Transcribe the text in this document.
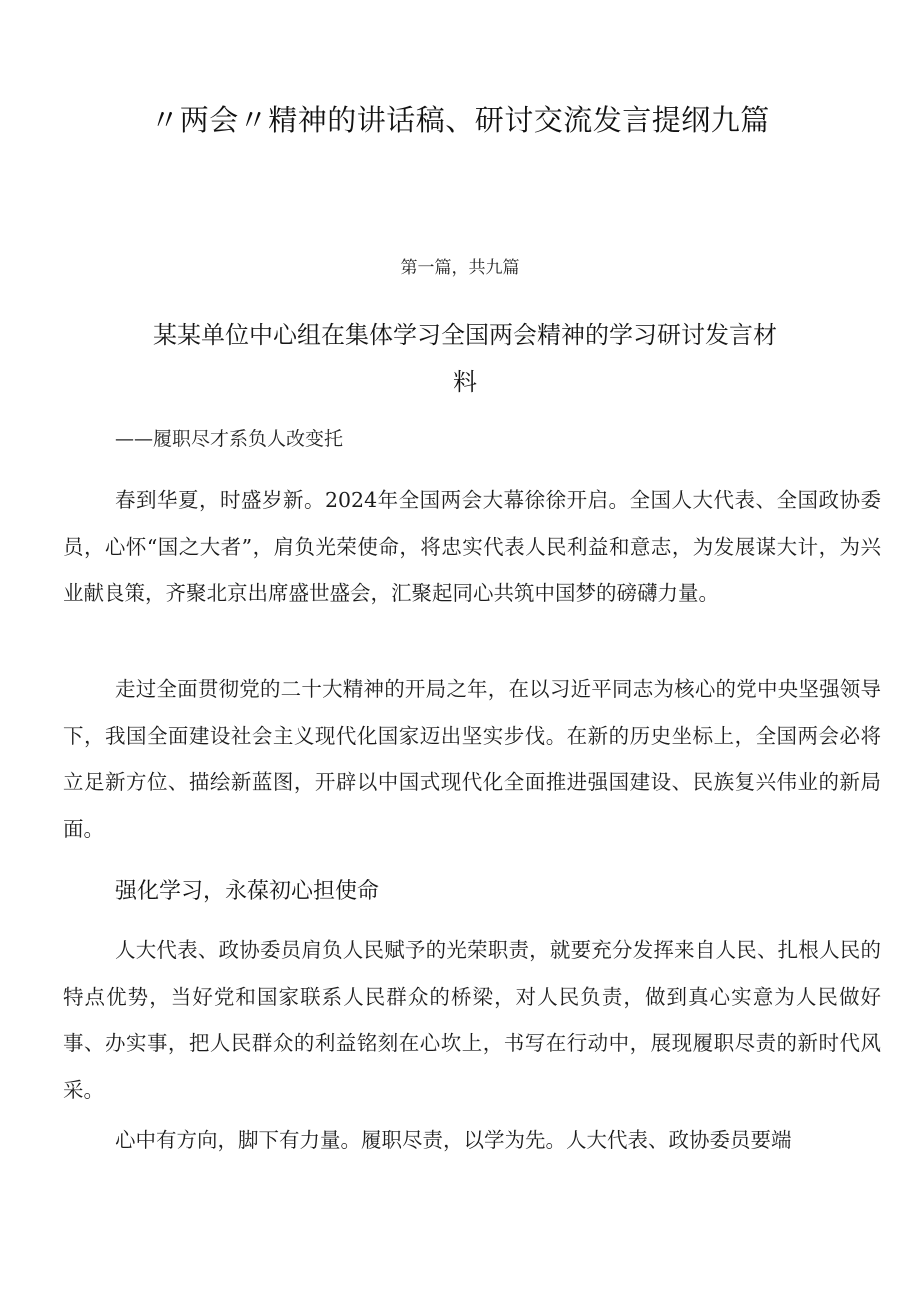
〃两会〃精神的讲话稿、研讨交流发言提纲九篇
第一篇，共九篇
某某单位中心组在集体学习全国两会精神的学习研讨发言材料
——履职尽才系负人改变托

春到华夏，时盛岁新。2024年全国两会大幕徐徐开启。全国人大代表、全国政协委员，心怀“国之大者”，肩负光荣使命，将忠实代表人民利益和意志，为发展谋大计，为兴业献良策，齐聚北京出席盛世盛会，汇聚起同心共筑中国梦的磅礴力量。

走过全面贯彻党的二十大精神的开局之年，在以习近平同志为核心的党中央坚强领导下，我国全面建设社会主义现代化国家迈出坚实步伐。在新的历史坐标上，全国两会必将立足新方位、描绘新蓝图，开辟以中国式现代化全面推进强国建设、民族复兴伟业的新局面。

强化学习，永葆初心担使命

人大代表、政协委员肩负人民赋予的光荣职责，就要充分发挥来自人民、扎根人民的特点优势，当好党和国家联系人民群众的桥梁，对人民负责，做到真心实意为人民做好事、办实事，把人民群众的利益铭刻在心坎上，书写在行动中，展现履职尽责的新时代风采。

心中有方向，脚下有力量。履职尽责，以学为先。人大代表、政协委员要端
